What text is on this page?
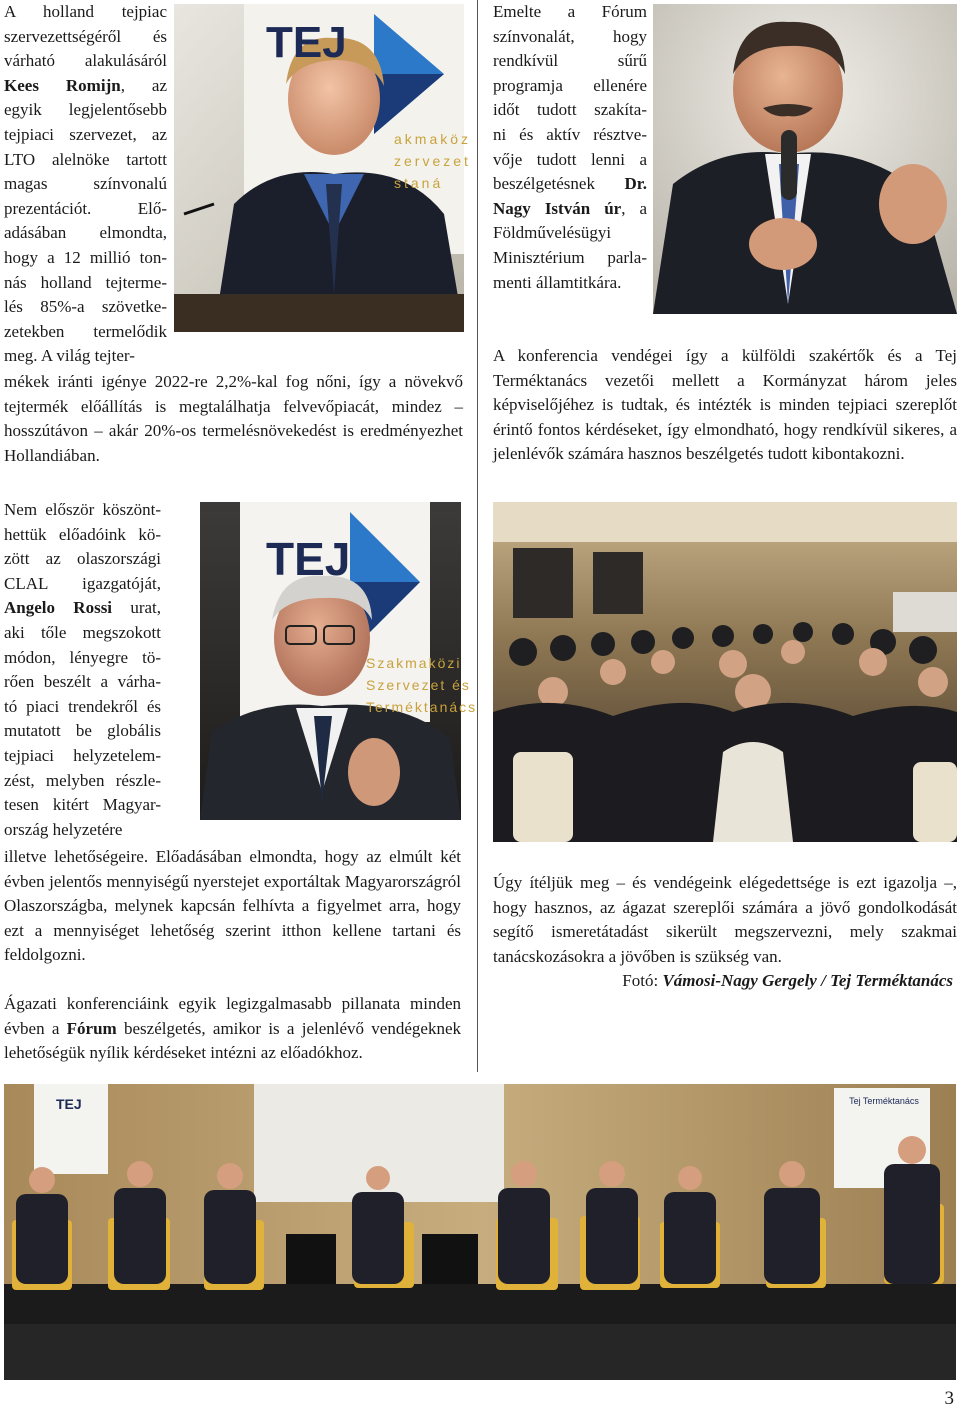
TEJ
akmaköz
zervezet
staná
A holland tejpiac
szervezettségéről és
várható alakulásáról
Kees Romijn, az
egyik legjelentősebb
tejpiaci szervezet, az
LTO alelnöke tartott
magas színvonalú
prezentációt. Elő-
adásában elmondta,
hogy a 12 millió ton-
nás holland tejterme-
lés 85%-a szövetke-
zetekben termelődik
meg. A világ tejter-

mékek iránti igénye 2022-re 2,2%-kal fog nőni, így a növekvő tejtermék előállítás is megtalálhatja felvevőpiacát, mindez – hosszútávon – akár 20%-os termelésnövekedést is eredményezhet Hollandiában.

Emelte a Fórum
színvonalát, hogy
rendkívül sűrű
programja ellenére
időt tudott szakíta-
ni és aktív résztve-
vője tudott lenni a
beszélgetésnek Dr.
Nagy István úr, a
Földművelésügyi
Minisztérium parla-
menti államtitkára.

A konferencia vendégei így a külföldi szakértők és a Tej Terméktanács vezetői mellett a Kormányzat három jeles képviselőjéhez is tudtak, és intézték is minden tejpiaci szereplőt érintő fontos kérdéseket, így elmondható, hogy rendkívül sikeres, a jelenlévők számára hasznos beszélgetés tudott kibontakozni.

TEJ
Szakmaközi
Szervezet és
Terméktanács
Nem először köszönt-
hettük előadóink kö-
zött az olaszországi
CLAL igazgatóját,
Angelo Rossi urat,
aki tőle megszokott
módon, lényegre tö-
rően beszélt a várha-
tó piaci trendekről és
mutatott be globális
tejpiaci helyzetelem-
zést, melyben részle-
tesen kitért Magyar-
ország helyzetére

illetve lehetőségeire. Előadásában elmondta, hogy az elmúlt két évben jelentős mennyiségű nyerstejet exportáltak Magyarországról Olaszországba, melynek kapcsán felhívta a figyelmet arra, hogy ezt a mennyiséget lehetőség szerint itthon kellene tartani és feldolgozni.

Ágazati konferenciáink egyik legizgalmasabb pillanata minden évben a Fórum beszélgetés, amikor is a jelenlévő vendégeknek lehetőségük nyílik kérdéseket intézni az előadókhoz.

Úgy ítéljük meg – és vendégeink elégedettsége is ezt igazolja –, hogy hasznos, az ágazat szereplői számára a jövő gondolkodását segítő ismeretátadást sikerült megszervezni, mely szakmai tanácskozásokra a jövőben is szükség van.

Fotó: Vámosi-Nagy Gergely / Tej Terméktanács

TEJ	Tej Terméktanács
3
